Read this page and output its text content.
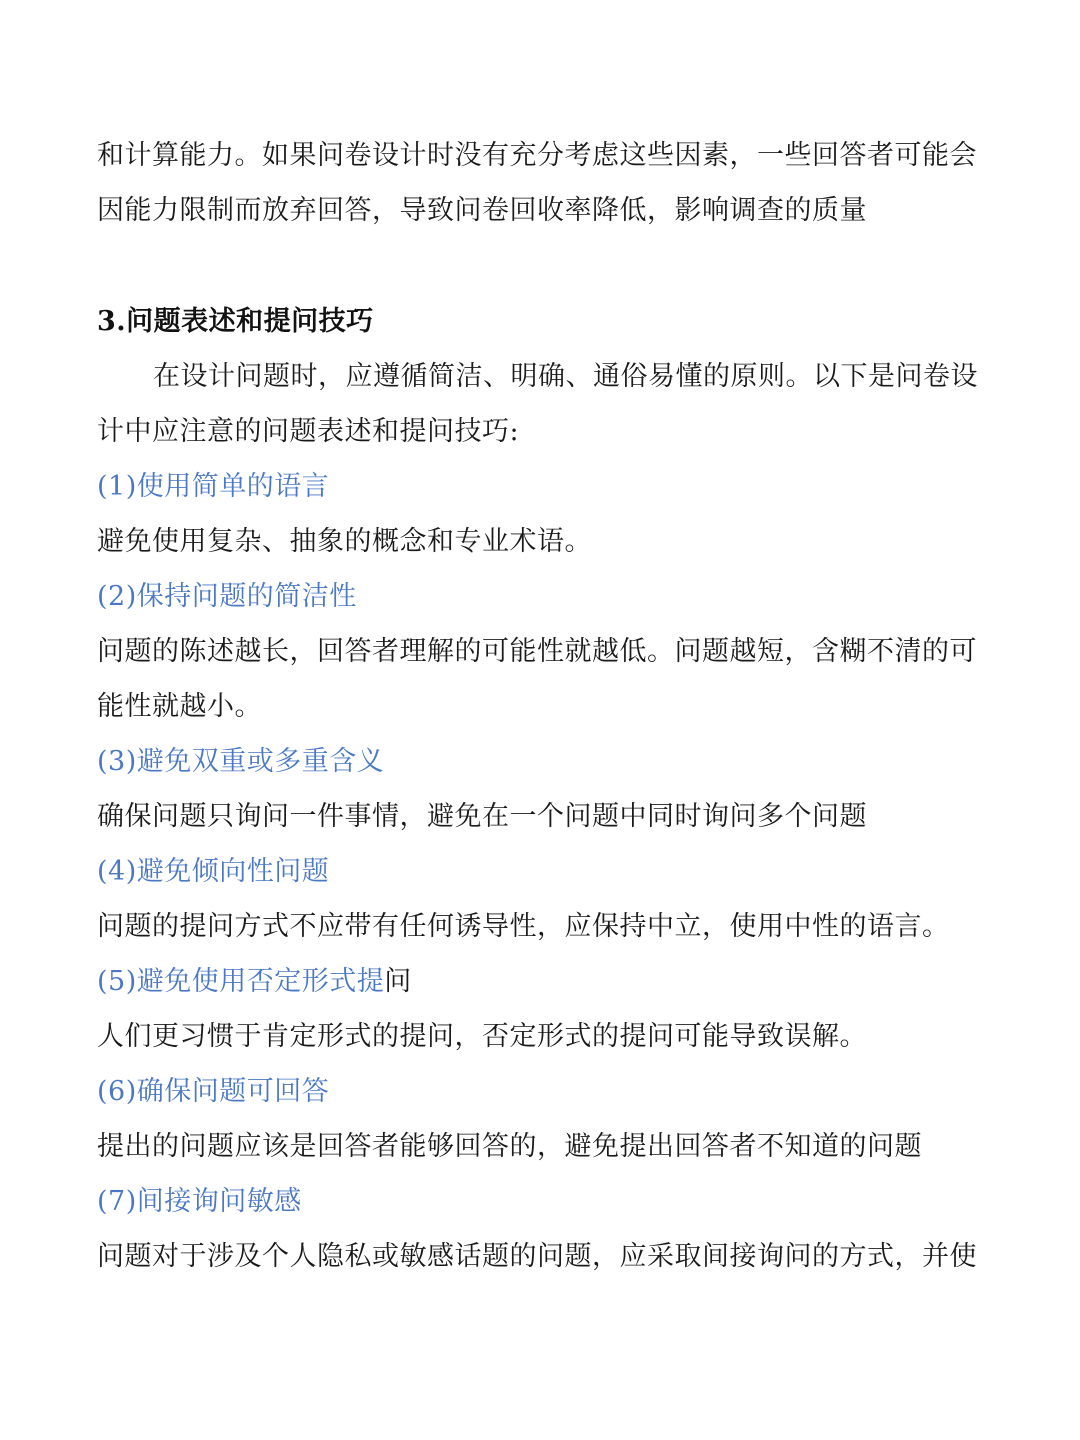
和计算能力。如果问卷设计时没有充分考虑这些因素，一些回答者可能会
因能力限制而放弃回答，导致问卷回收率降低，影响调查的质量
3.问题表述和提问技巧
在设计问题时，应遵循简洁、明确、通俗易懂的原则。以下是问卷设
计中应注意的问题表述和提问技巧:
(1)使用简单的语言
避免使用复杂、抽象的概念和专业术语。
(2)保持问题的简洁性
问题的陈述越长，回答者理解的可能性就越低。问题越短，含糊不清的可
能性就越小。
(3)避免双重或多重含义
确保问题只询问一件事情，避免在一个问题中同时询问多个问题
(4)避免倾向性问题
问题的提问方式不应带有任何诱导性，应保持中立，使用中性的语言。
(5)避免使用否定形式提问
人们更习惯于肯定形式的提问，否定形式的提问可能导致误解。
(6)确保问题可回答
提出的问题应该是回答者能够回答的，避免提出回答者不知道的问题
(7)间接询问敏感
问题对于涉及个人隐私或敏感话题的问题，应采取间接询问的方式，并使
